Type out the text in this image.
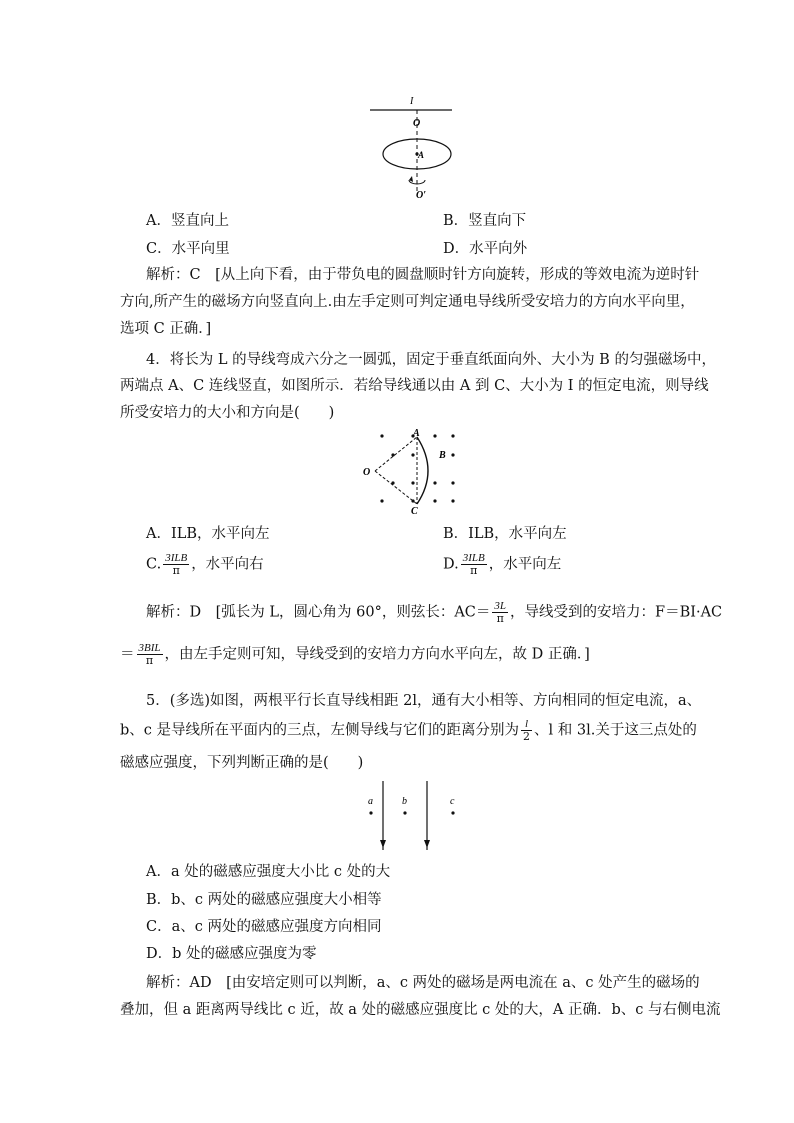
I
O
A
O′
A．竖直向上	B．竖直向下
C．水平向里	D．水平向外
解析：C　[从上向下看，由于带负电的圆盘顺时针方向旋转，形成的等效电流为逆时针
方向,所产生的磁场方向竖直向上.由左手定则可判定通电导线所受安培力的方向水平向里，
选项 C 正确．]
4．将长为 L 的导线弯成六分之一圆弧，固定于垂直纸面向外、大小为 B 的匀强磁场中，
两端点 A、C 连线竖直，如图所示．若给导线通以由 A 到 C、大小为 I 的恒定电流，则导线
所受安培力的大小和方向是(　　)
A
B
C
O
A．ILB，水平向左	B．ILB，水平向左
C. $\frac{\text{3ILB}}{\pi}$ ，水平向右	D. $\frac{\text{3ILB}}{\pi}$ ，水平向左
解析：D　[弧长为 L，圆心角为 60°，则弦长：$AC= \frac{3L}{\pi}$ ，导线受到的安培力：F＝BI·AC
＝ $\frac{\text{3BIL}}{\pi}$ ，由左手定则可知，导线受到的安培力方向水平向左，故 D 正确．]
5．(多选)如图，两根平行长直导线相距 2l，通有大小相等、方向相同的恒定电流，a、
b、c 是导线所在平面内的三点，左侧导线与它们的距离分别为 $\frac{l}{2}$ 、l 和 3l.关于这三点处的
磁感应强度，下列判断正确的是(　　)
a	b	c
A．a 处的磁感应强度大小比 c 处的大
B．b、c 两处的磁感应强度大小相等
C．a、c 两处的磁感应强度方向相同
D．b 处的磁感应强度为零
解析：AD　[由安培定则可以判断，a、c 两处的磁场是两电流在 a、c 处产生的磁场的
叠加，但 a 距离两导线比 c 近，故 a 处的磁感应强度比 c 处的大，A 正确．b、c 与右侧电流
